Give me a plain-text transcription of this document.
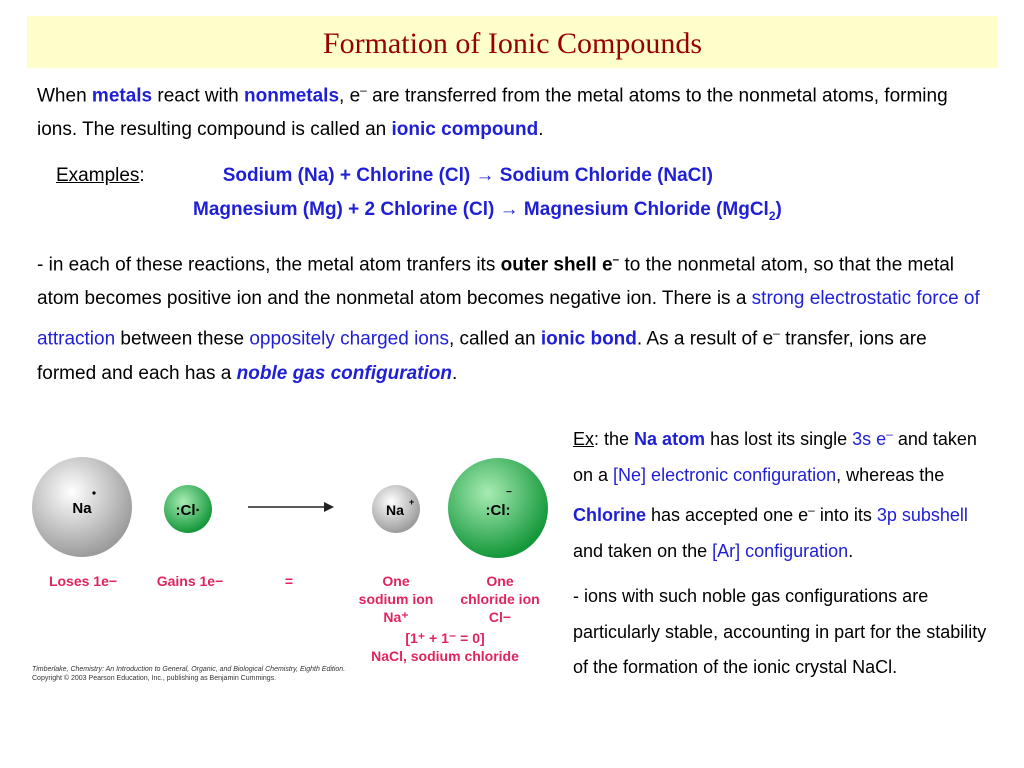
Formation of Ionic Compounds

When metals react with nonmetals, e– are transferred from the metal atoms to the nonmetal atoms, forming ions. The resulting compound is called an ionic compound.

Examples:	Sodium (Na) + Chlorine (Cl) → Sodium Chloride (NaCl)
Magnesium (Mg) + 2 Chlorine (Cl) → Magnesium Chloride (MgCl$_2$)

- in each of these reactions, the metal atom tranfers its outer shell e– to the nonmetal atom, so that the metal atom becomes positive ion and the nonmetal atom becomes negative ion. There is a strong electrostatic force of attraction between these oppositely charged ions, called an ionic bond. As a result of e– transfer, ions are formed and each has a noble gas configuration.

Ex: the Na atom has lost its single 3s e– and taken on a [Ne] electronic configuration, whereas the Chlorine has accepted one e– into its 3p subshell and taken on the [Ar] configuration.

- ions with such noble gas configurations are particularly stable, accounting in part for the stability of the formation of the ionic crystal NaCl.

Na	:Cl·	Na +	:Cl:
−
Loses 1e−	Gains 1e−	=	One
sodium ion
Na⁺
One
chloride ion
Cl−
[1⁺ + 1⁻ = 0]
NaCl, sodium chloride
Timberlake, Chemistry: An Introduction to General, Organic, and Biological Chemistry, Eighth Edition.
Copyright © 2003 Pearson Education, Inc., publishing as Benjamin Cummings.
